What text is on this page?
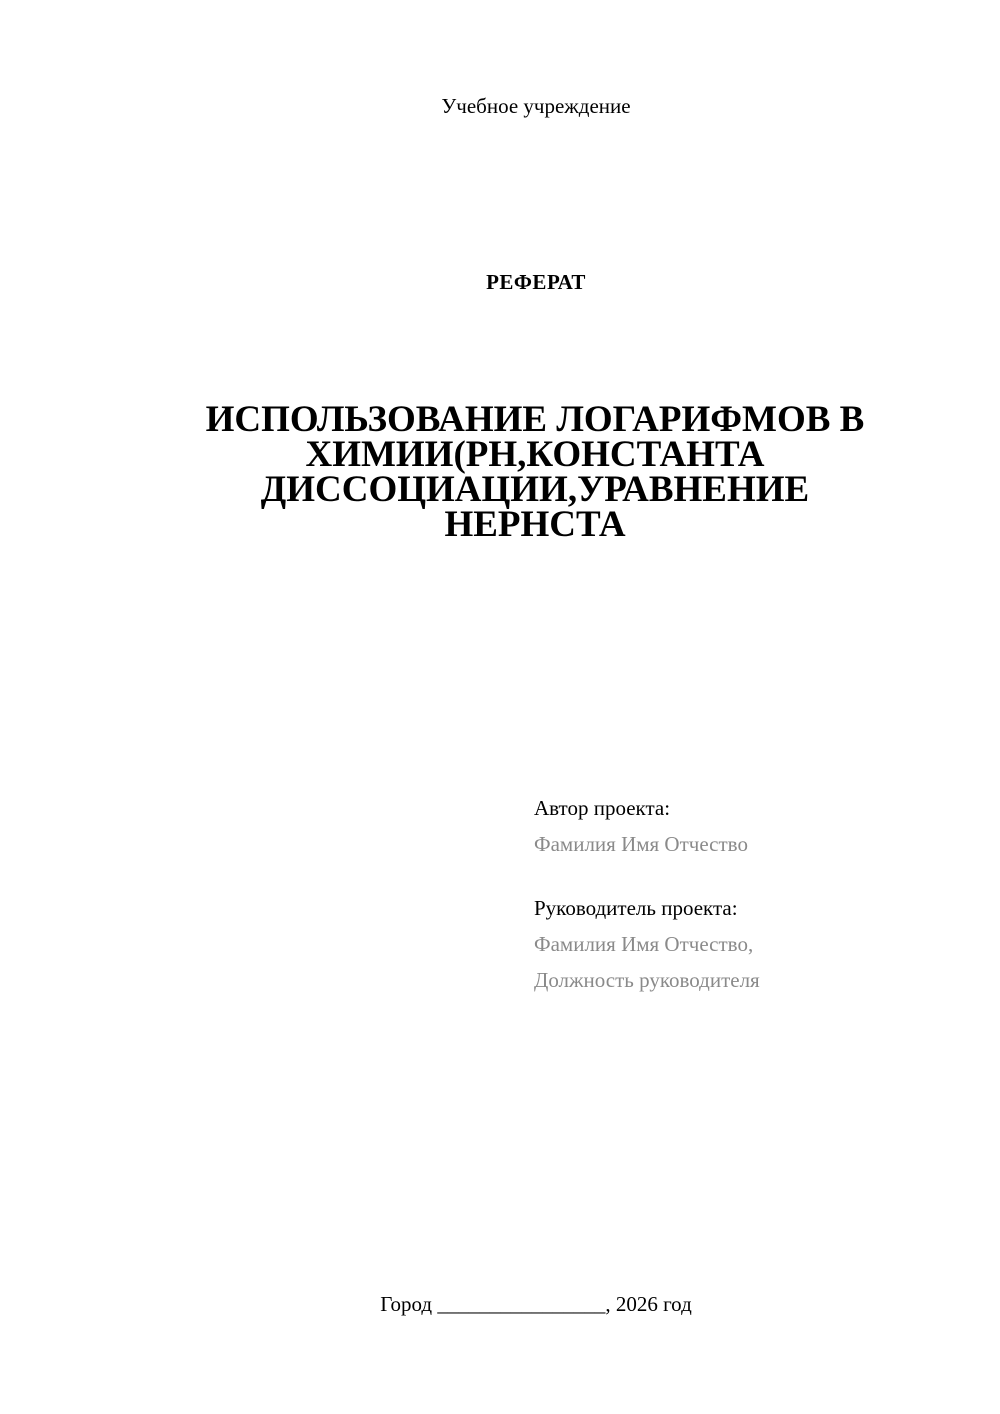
Учебное учреждение
РЕФЕРАТ
ИСПОЛЬЗОВАНИЕ ЛОГАРИФМОВ В
ХИМИИ(РН,КОНСТАНТА
ДИССОЦИАЦИИ,УРАВНЕНИЕ
НЕРНСТА
Автор проекта:
Фамилия Имя Отчество
Руководитель проекта:
Фамилия Имя Отчество,
Должность руководителя
Город ________________, 2026 год
